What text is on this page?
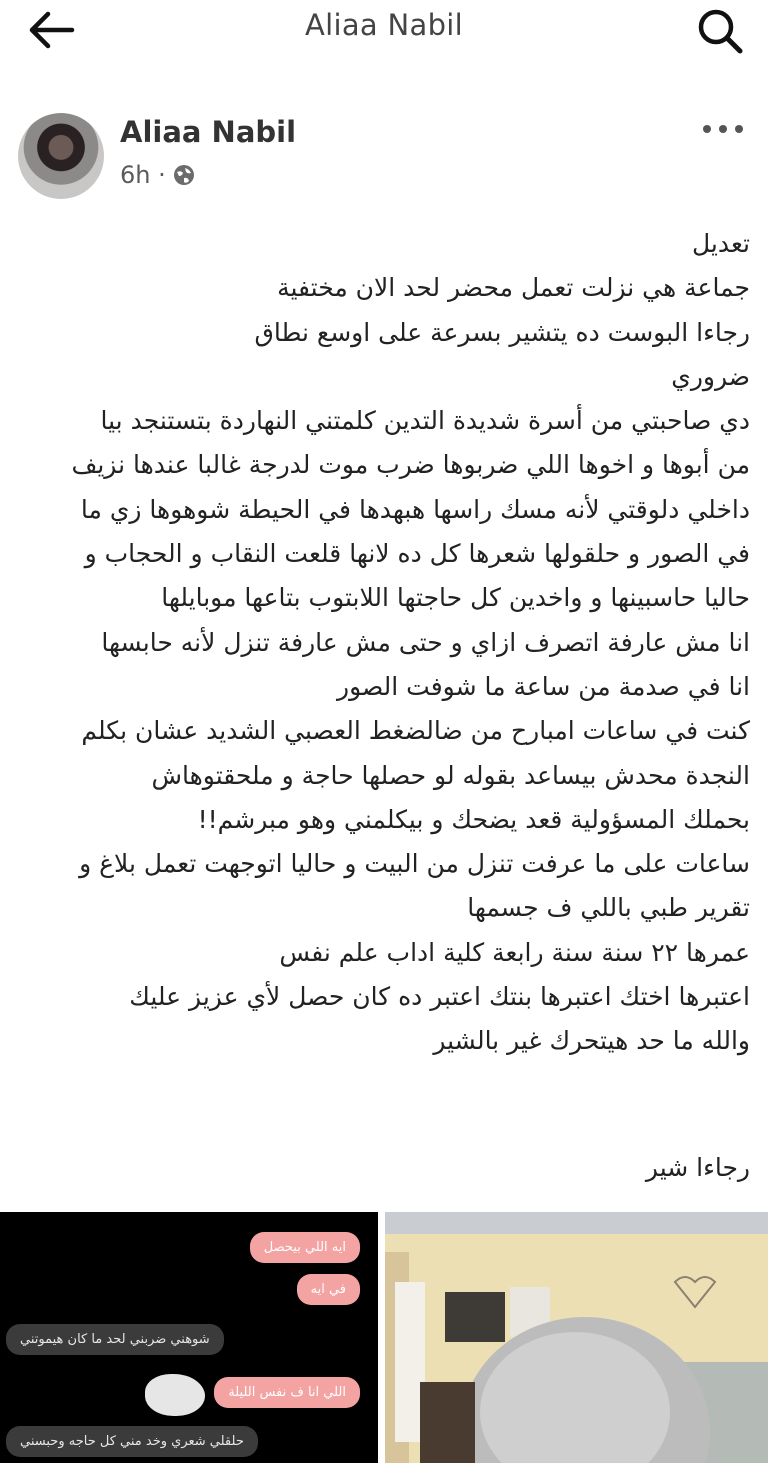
Aliaa Nabil
Aliaa Nabil
6h ·
تعديل
جماعة هي نزلت تعمل محضر لحد الان مختفية
رجاءا البوست ده يتشير بسرعة على اوسع نطاق
ضروري
دي صاحبتي من أسرة شديدة التدين كلمتني النهاردة بتستنجد بيا
من أبوها و اخوها اللي ضربوها ضرب موت لدرجة غالبا عندها نزيف
داخلي دلوقتي لأنه مسك راسها هبهدها في الحيطة شوهوها زي ما
في الصور و حلقولها شعرها كل ده لانها قلعت النقاب و الحجاب و
حاليا حاسبينها و واخدين كل حاجتها اللابتوب بتاعها موبايلها
انا مش عارفة اتصرف ازاي و حتى مش عارفة تنزل لأنه حابسها
انا في صدمة من ساعة ما شوفت الصور
كنت في ساعات امبارح من ضالضغط العصبي الشديد عشان بكلم
النجدة محدش بيساعد بقوله لو حصلها حاجة و ملحقتوهاش
بحملك المسؤولية قعد يضحك و بيكلمني وهو مبرشم!!
ساعات على ما عرفت تنزل من البيت و حاليا اتوجهت تعمل بلاغ و
تقرير طبي باللي ف جسمها
عمرها ٢٢ سنة سنة رابعة كلية اداب علم نفس
اعتبرها اختك اعتبرها بنتك اعتبر ده كان حصل لأي عزيز عليك
والله ما حد هيتحرك غير بالشير
رجاءا شير
ايه اللي بيحصل
في ايه
شوهني ضربني لحد ما كان هيموتني
اللي انا ف نفس الليلة
حلقلي شعري وخد مني كل حاجه وحبسني
